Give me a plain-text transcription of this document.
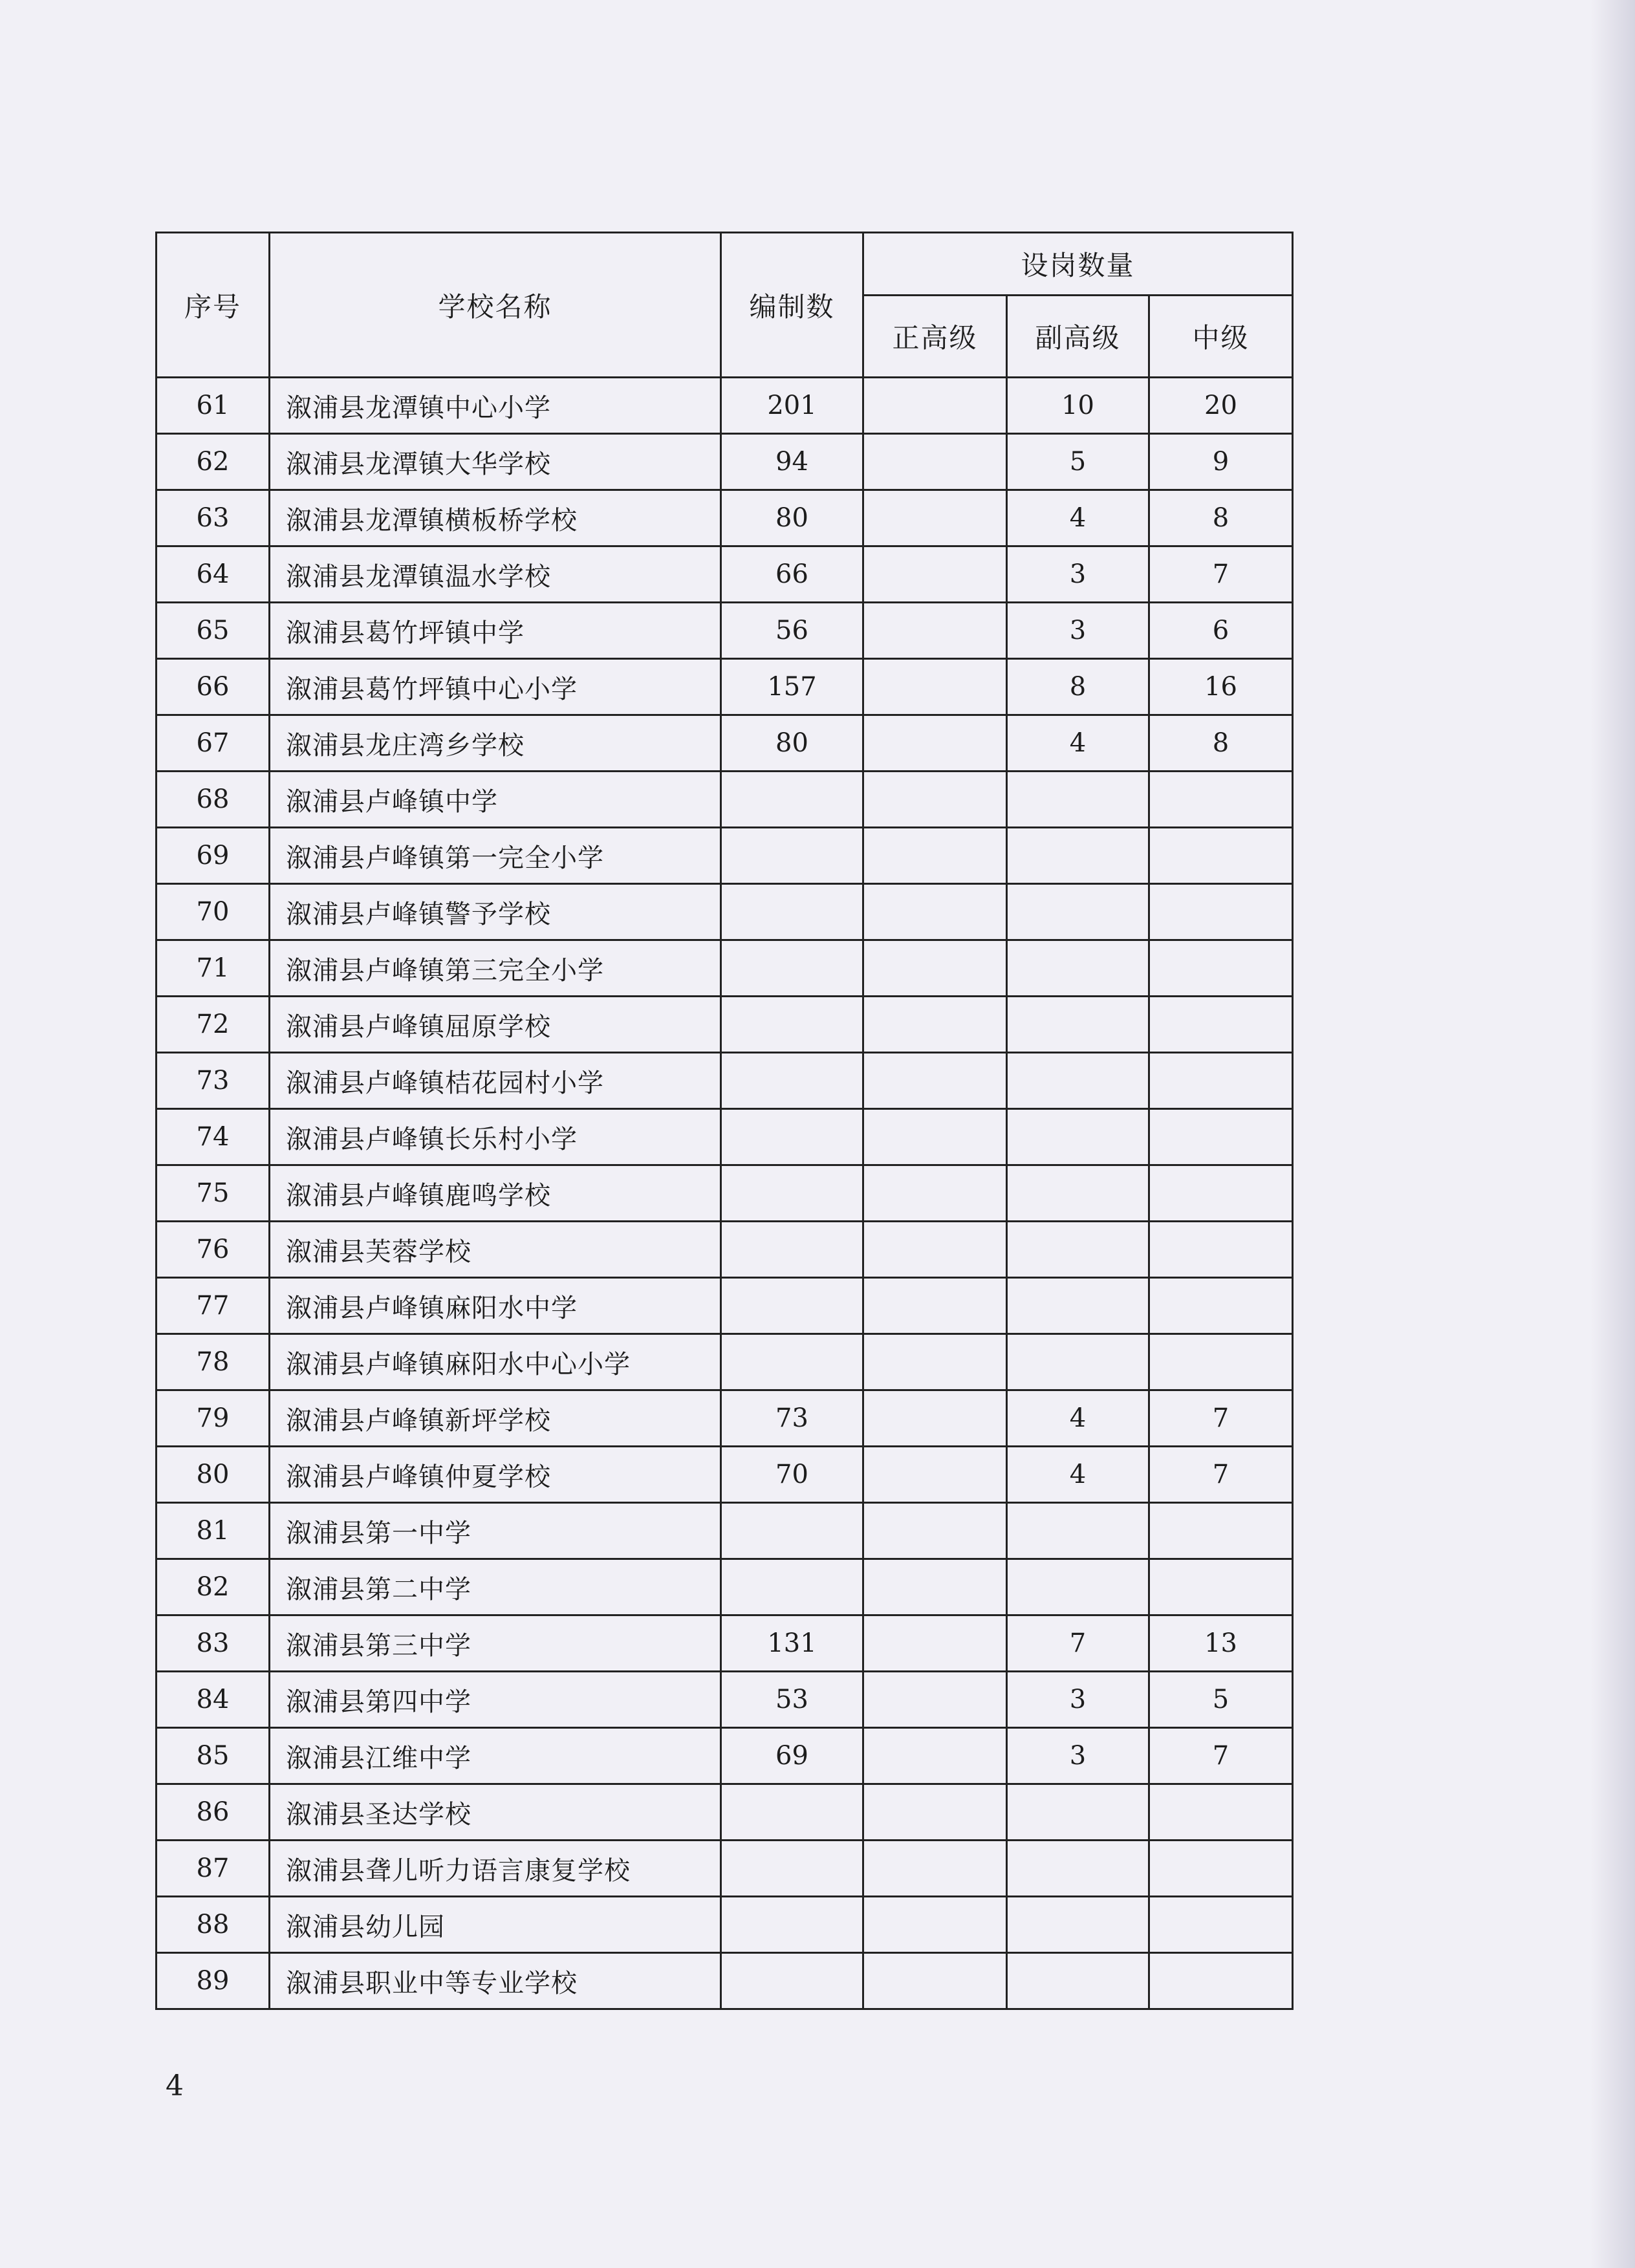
序号	学校名称	编制数	设岗数量		
			正高级	副高级	中级
61	溆浦县龙潭镇中心小学	201		10	20
62	溆浦县龙潭镇大华学校	94		5	9
63	溆浦县龙潭镇横板桥学校	80		4	8
64	溆浦县龙潭镇温水学校	66		3	7
65	溆浦县葛竹坪镇中学	56		3	6
66	溆浦县葛竹坪镇中心小学	157		8	16
67	溆浦县龙庄湾乡学校	80		4	8
68	溆浦县卢峰镇中学				
69	溆浦县卢峰镇第一完全小学				
70	溆浦县卢峰镇警予学校				
71	溆浦县卢峰镇第三完全小学				
72	溆浦县卢峰镇屈原学校				
73	溆浦县卢峰镇桔花园村小学				
74	溆浦县卢峰镇长乐村小学				
75	溆浦县卢峰镇鹿鸣学校				
76	溆浦县芙蓉学校				
77	溆浦县卢峰镇麻阳水中学				
78	溆浦县卢峰镇麻阳水中心小学				
79	溆浦县卢峰镇新坪学校	73		4	7
80	溆浦县卢峰镇仲夏学校	70		4	7
81	溆浦县第一中学				
82	溆浦县第二中学				
83	溆浦县第三中学	131		7	13
84	溆浦县第四中学	53		3	5
85	溆浦县江维中学	69		3	7
86	溆浦县圣达学校				
87	溆浦县聋儿听力语言康复学校				
88	溆浦县幼儿园				
89	溆浦县职业中等专业学校				
4
